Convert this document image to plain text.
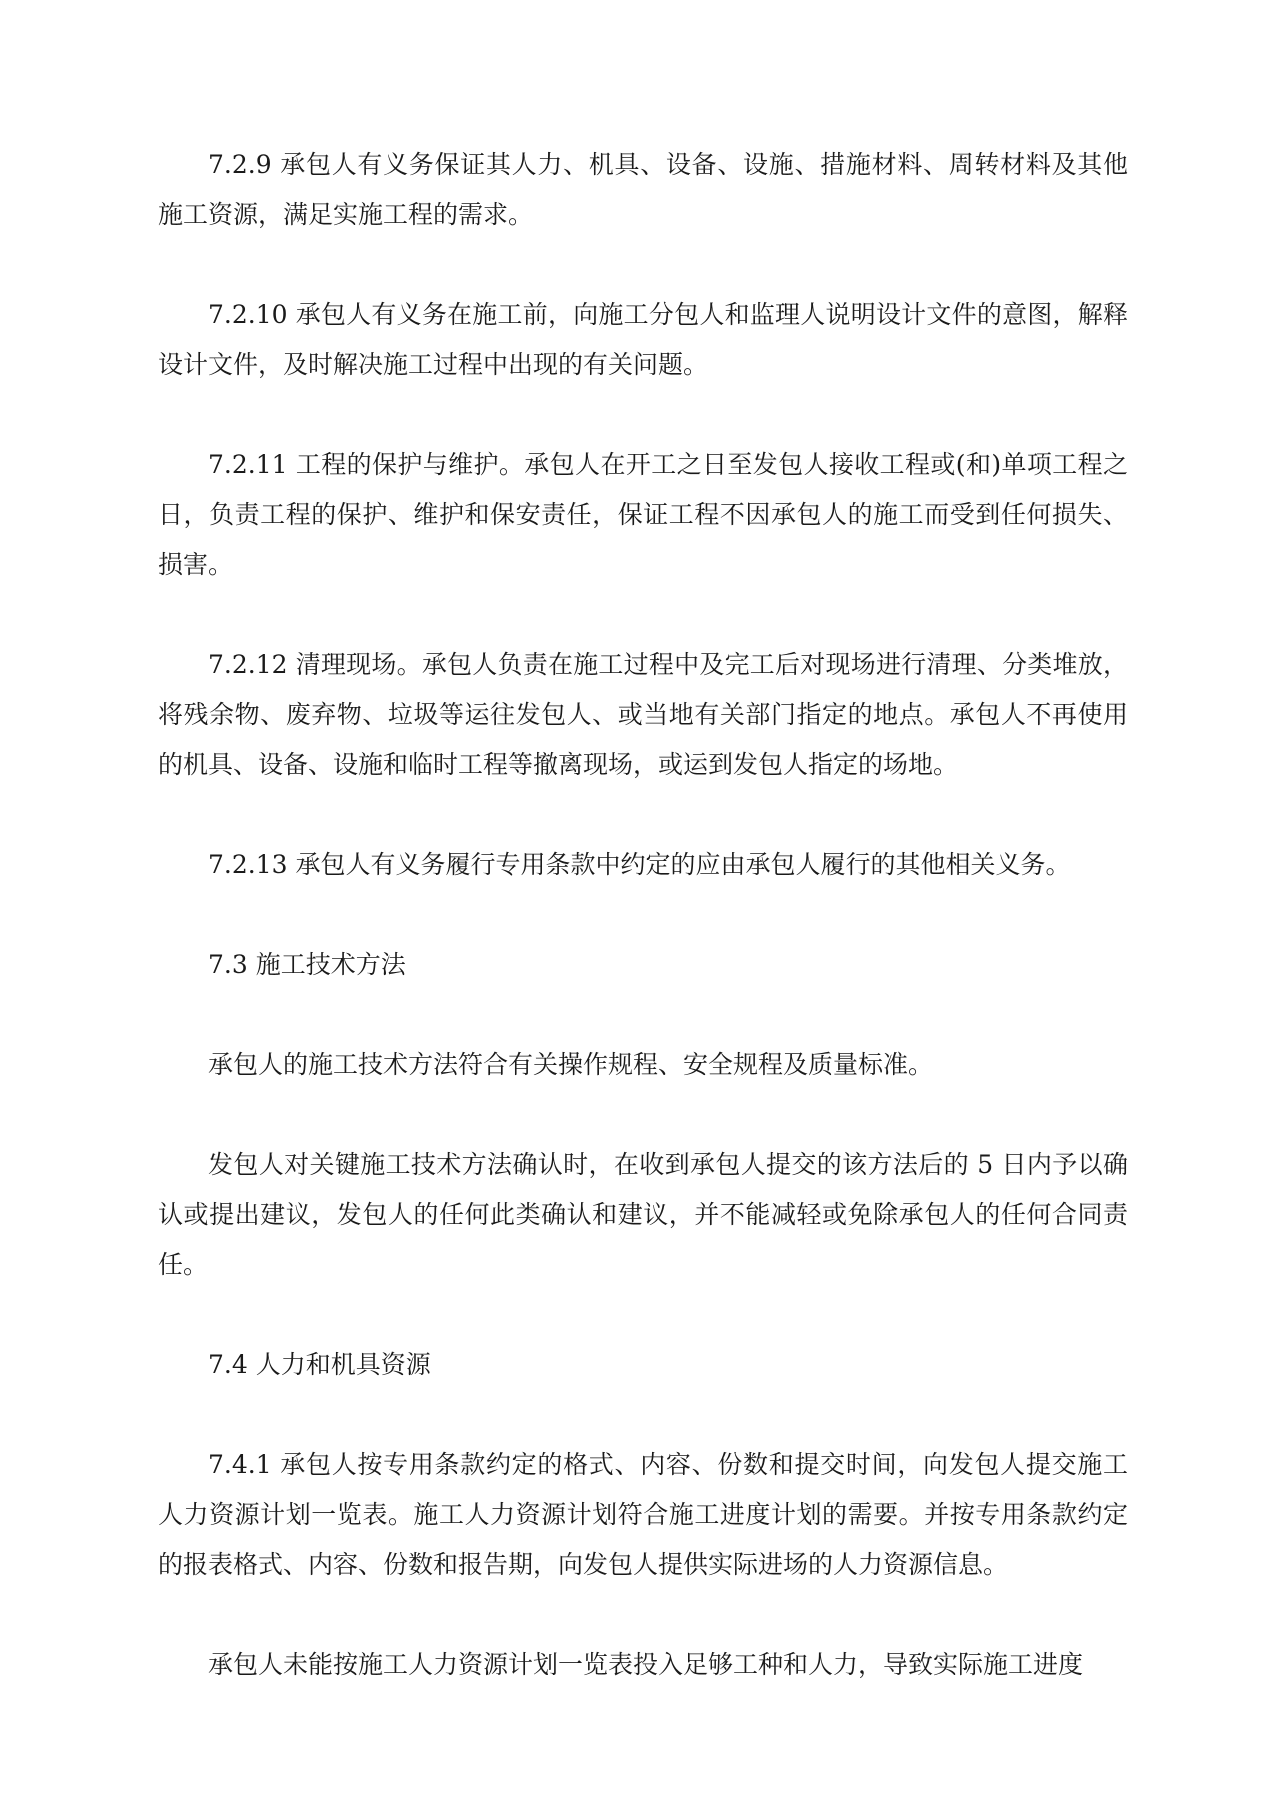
7.2.9 承包人有义务保证其人力、机具、设备、设施、措施材料、周转材料及其他施工资源，满足实施工程的需求。

7.2.10 承包人有义务在施工前，向施工分包人和监理人说明设计文件的意图，解释设计文件，及时解决施工过程中出现的有关问题。

7.2.11 工程的保护与维护。承包人在开工之日至发包人接收工程或(和)单项工程之日，负责工程的保护、维护和保安责任，保证工程不因承包人的施工而受到任何损失、损害。

7.2.12 清理现场。承包人负责在施工过程中及完工后对现场进行清理、分类堆放，将残余物、废弃物、垃圾等运往发包人、或当地有关部门指定的地点。承包人不再使用的机具、设备、设施和临时工程等撤离现场，或运到发包人指定的场地。

7.2.13 承包人有义务履行专用条款中约定的应由承包人履行的其他相关义务。

7.3 施工技术方法

承包人的施工技术方法符合有关操作规程、安全规程及质量标准。

发包人对关键施工技术方法确认时，在收到承包人提交的该方法后的 5 日内予以确认或提出建议，发包人的任何此类确认和建议，并不能减轻或免除承包人的任何合同责任。

7.4 人力和机具资源

7.4.1 承包人按专用条款约定的格式、内容、份数和提交时间，向发包人提交施工人力资源计划一览表。施工人力资源计划符合施工进度计划的需要。并按专用条款约定的报表格式、内容、份数和报告期，向发包人提供实际进场的人力资源信息。

承包人未能按施工人力资源计划一览表投入足够工种和人力，导致实际施工进度
